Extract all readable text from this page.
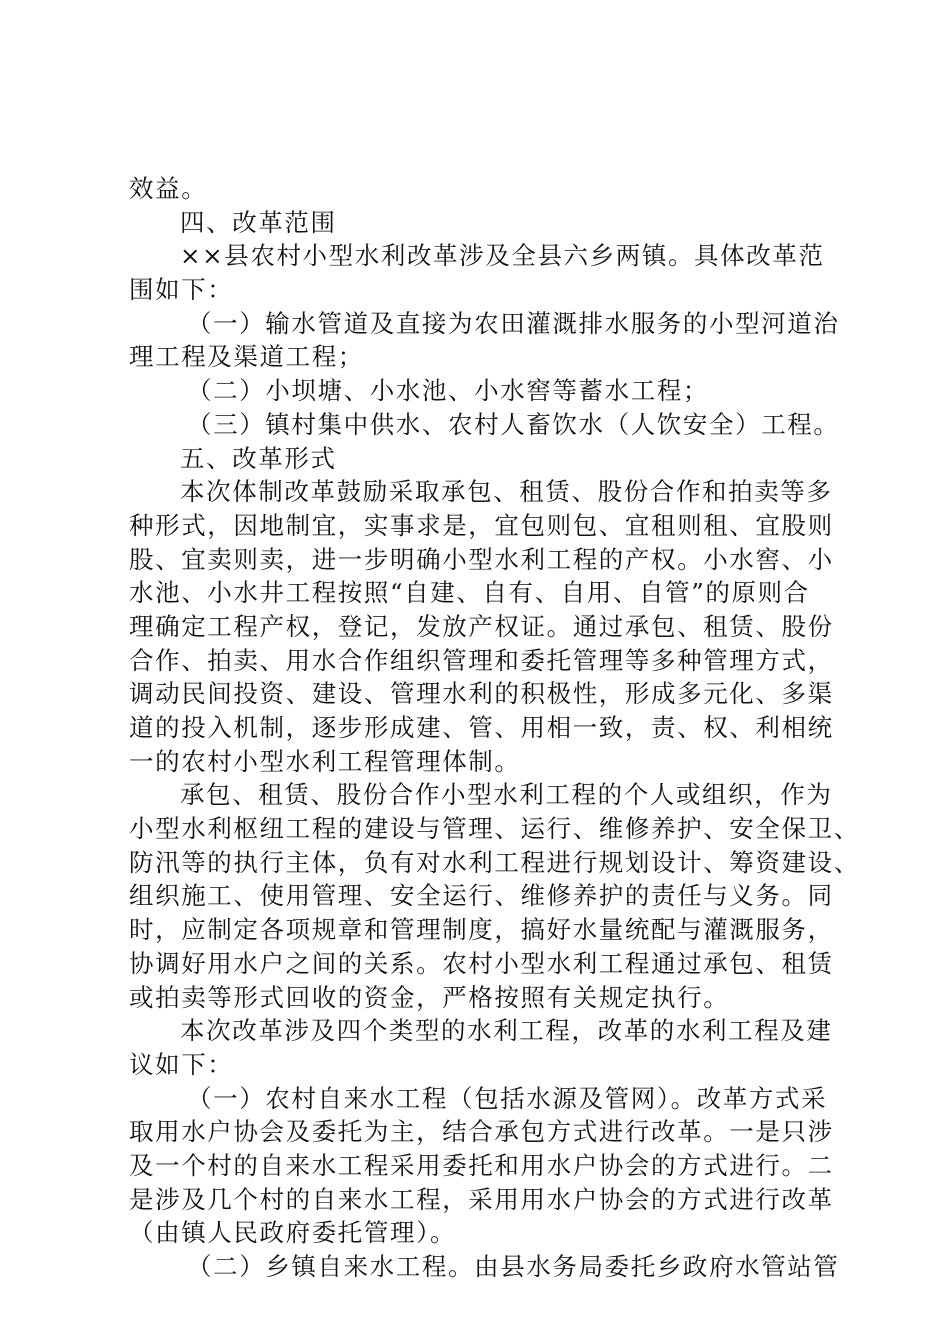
效益。
四、改革范围
××县农村小型水利改革涉及全县六乡两镇。具体改革范
围如下：
（一）输水管道及直接为农田灌溉排水服务的小型河道治
理工程及渠道工程；
（二）小坝塘、小水池、小水窖等蓄水工程；
（三）镇村集中供水、农村人畜饮水（人饮安全）工程。
五、改革形式
本次体制改革鼓励采取承包、租赁、股份合作和拍卖等多
种形式，因地制宜，实事求是，宜包则包、宜租则租、宜股则
股、宜卖则卖，进一步明确小型水利工程的产权。小水窖、小
水池、小水井工程按照“自建、自有、自用、自管”的原则合
理确定工程产权，登记，发放产权证。通过承包、租赁、股份
合作、拍卖、用水合作组织管理和委托管理等多种管理方式，
调动民间投资、建设、管理水利的积极性，形成多元化、多渠
道的投入机制，逐步形成建、管、用相一致，责、权、利相统
一的农村小型水利工程管理体制。
承包、租赁、股份合作小型水利工程的个人或组织，作为
小型水利枢纽工程的建设与管理、运行、维修养护、安全保卫、
防汛等的执行主体，负有对水利工程进行规划设计、筹资建设、
组织施工、使用管理、安全运行、维修养护的责任与义务。同
时，应制定各项规章和管理制度，搞好水量统配与灌溉服务，
协调好用水户之间的关系。农村小型水利工程通过承包、租赁
或拍卖等形式回收的资金，严格按照有关规定执行。
本次改革涉及四个类型的水利工程，改革的水利工程及建
议如下：
（一）农村自来水工程（包括水源及管网）。改革方式采
取用水户协会及委托为主，结合承包方式进行改革。一是只涉
及一个村的自来水工程采用委托和用水户协会的方式进行。二
是涉及几个村的自来水工程，采用用水户协会的方式进行改革
（由镇人民政府委托管理）。
（二）乡镇自来水工程。由县水务局委托乡政府水管站管
